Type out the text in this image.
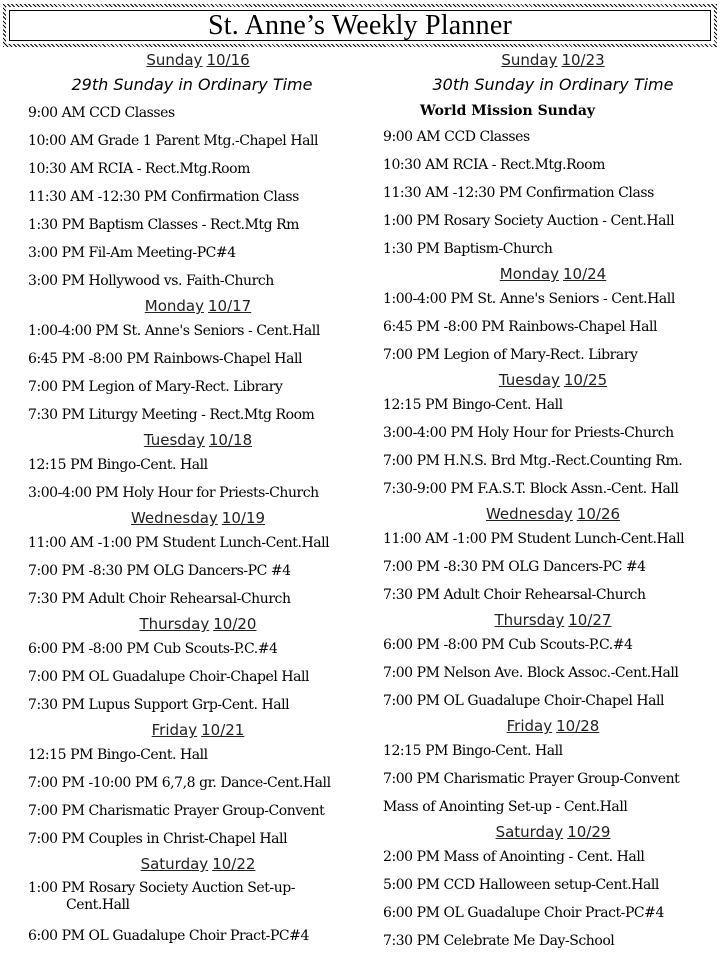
St. Anne’s Weekly Planner
Sunday 10/16
29th Sunday in Ordinary Time
9:00 AM CCD Classes
10:00 AM Grade 1 Parent Mtg.-Chapel Hall
10:30 AM RCIA - Rect.Mtg.Room
11:30 AM -12:30 PM Confirmation Class
1:30 PM Baptism Classes - Rect.Mtg Rm
3:00 PM Fil-Am Meeting-PC#4
3:00 PM Hollywood vs. Faith-Church
Monday 10/17
1:00-4:00 PM St. Anne's Seniors - Cent.Hall
6:45 PM -8:00 PM Rainbows-Chapel Hall
7:00 PM Legion of Mary-Rect. Library
7:30 PM Liturgy Meeting - Rect.Mtg Room
Tuesday 10/18
12:15 PM Bingo-Cent. Hall
3:00-4:00 PM Holy Hour for Priests-Church
Wednesday 10/19
11:00 AM -1:00 PM Student Lunch-Cent.Hall
7:00 PM -8:30 PM OLG Dancers-PC #4
7:30 PM Adult Choir Rehearsal-Church
Thursday 10/20
6:00 PM -8:00 PM Cub Scouts-P.C.#4
7:00 PM OL Guadalupe Choir-Chapel Hall
7:30 PM Lupus Support Grp-Cent. Hall
Friday 10/21
12:15 PM Bingo-Cent. Hall
7:00 PM -10:00 PM 6,7,8 gr. Dance-Cent.Hall
7:00 PM Charismatic Prayer Group-Convent
7:00 PM Couples in Christ-Chapel Hall
Saturday 10/22
1:00 PM Rosary Society Auction Set-up-
Cent.Hall
6:00 PM OL Guadalupe Choir Pract-PC#4
Sunday 10/23
30th Sunday in Ordinary Time
World Mission Sunday
9:00 AM CCD Classes
10:30 AM RCIA - Rect.Mtg.Room
11:30 AM -12:30 PM Confirmation Class
1:00 PM Rosary Society Auction - Cent.Hall
1:30 PM Baptism-Church
Monday 10/24
1:00-4:00 PM St. Anne's Seniors - Cent.Hall
6:45 PM -8:00 PM Rainbows-Chapel Hall
7:00 PM Legion of Mary-Rect. Library
Tuesday 10/25
12:15 PM Bingo-Cent. Hall
3:00-4:00 PM Holy Hour for Priests-Church
7:00 PM H.N.S. Brd Mtg.-Rect.Counting Rm.
7:30-9:00 PM F.A.S.T. Block Assn.-Cent. Hall
Wednesday 10/26
11:00 AM -1:00 PM Student Lunch-Cent.Hall
7:00 PM -8:30 PM OLG Dancers-PC #4
7:30 PM Adult Choir Rehearsal-Church
Thursday 10/27
6:00 PM -8:00 PM Cub Scouts-P.C.#4
7:00 PM Nelson Ave. Block Assoc.-Cent.Hall
7:00 PM OL Guadalupe Choir-Chapel Hall
Friday 10/28
12:15 PM Bingo-Cent. Hall
7:00 PM Charismatic Prayer Group-Convent
Mass of Anointing Set-up - Cent.Hall
Saturday 10/29
2:00 PM Mass of Anointing - Cent. Hall
5:00 PM CCD Halloween setup-Cent.Hall
6:00 PM OL Guadalupe Choir Pract-PC#4
7:30 PM Celebrate Me Day-School
